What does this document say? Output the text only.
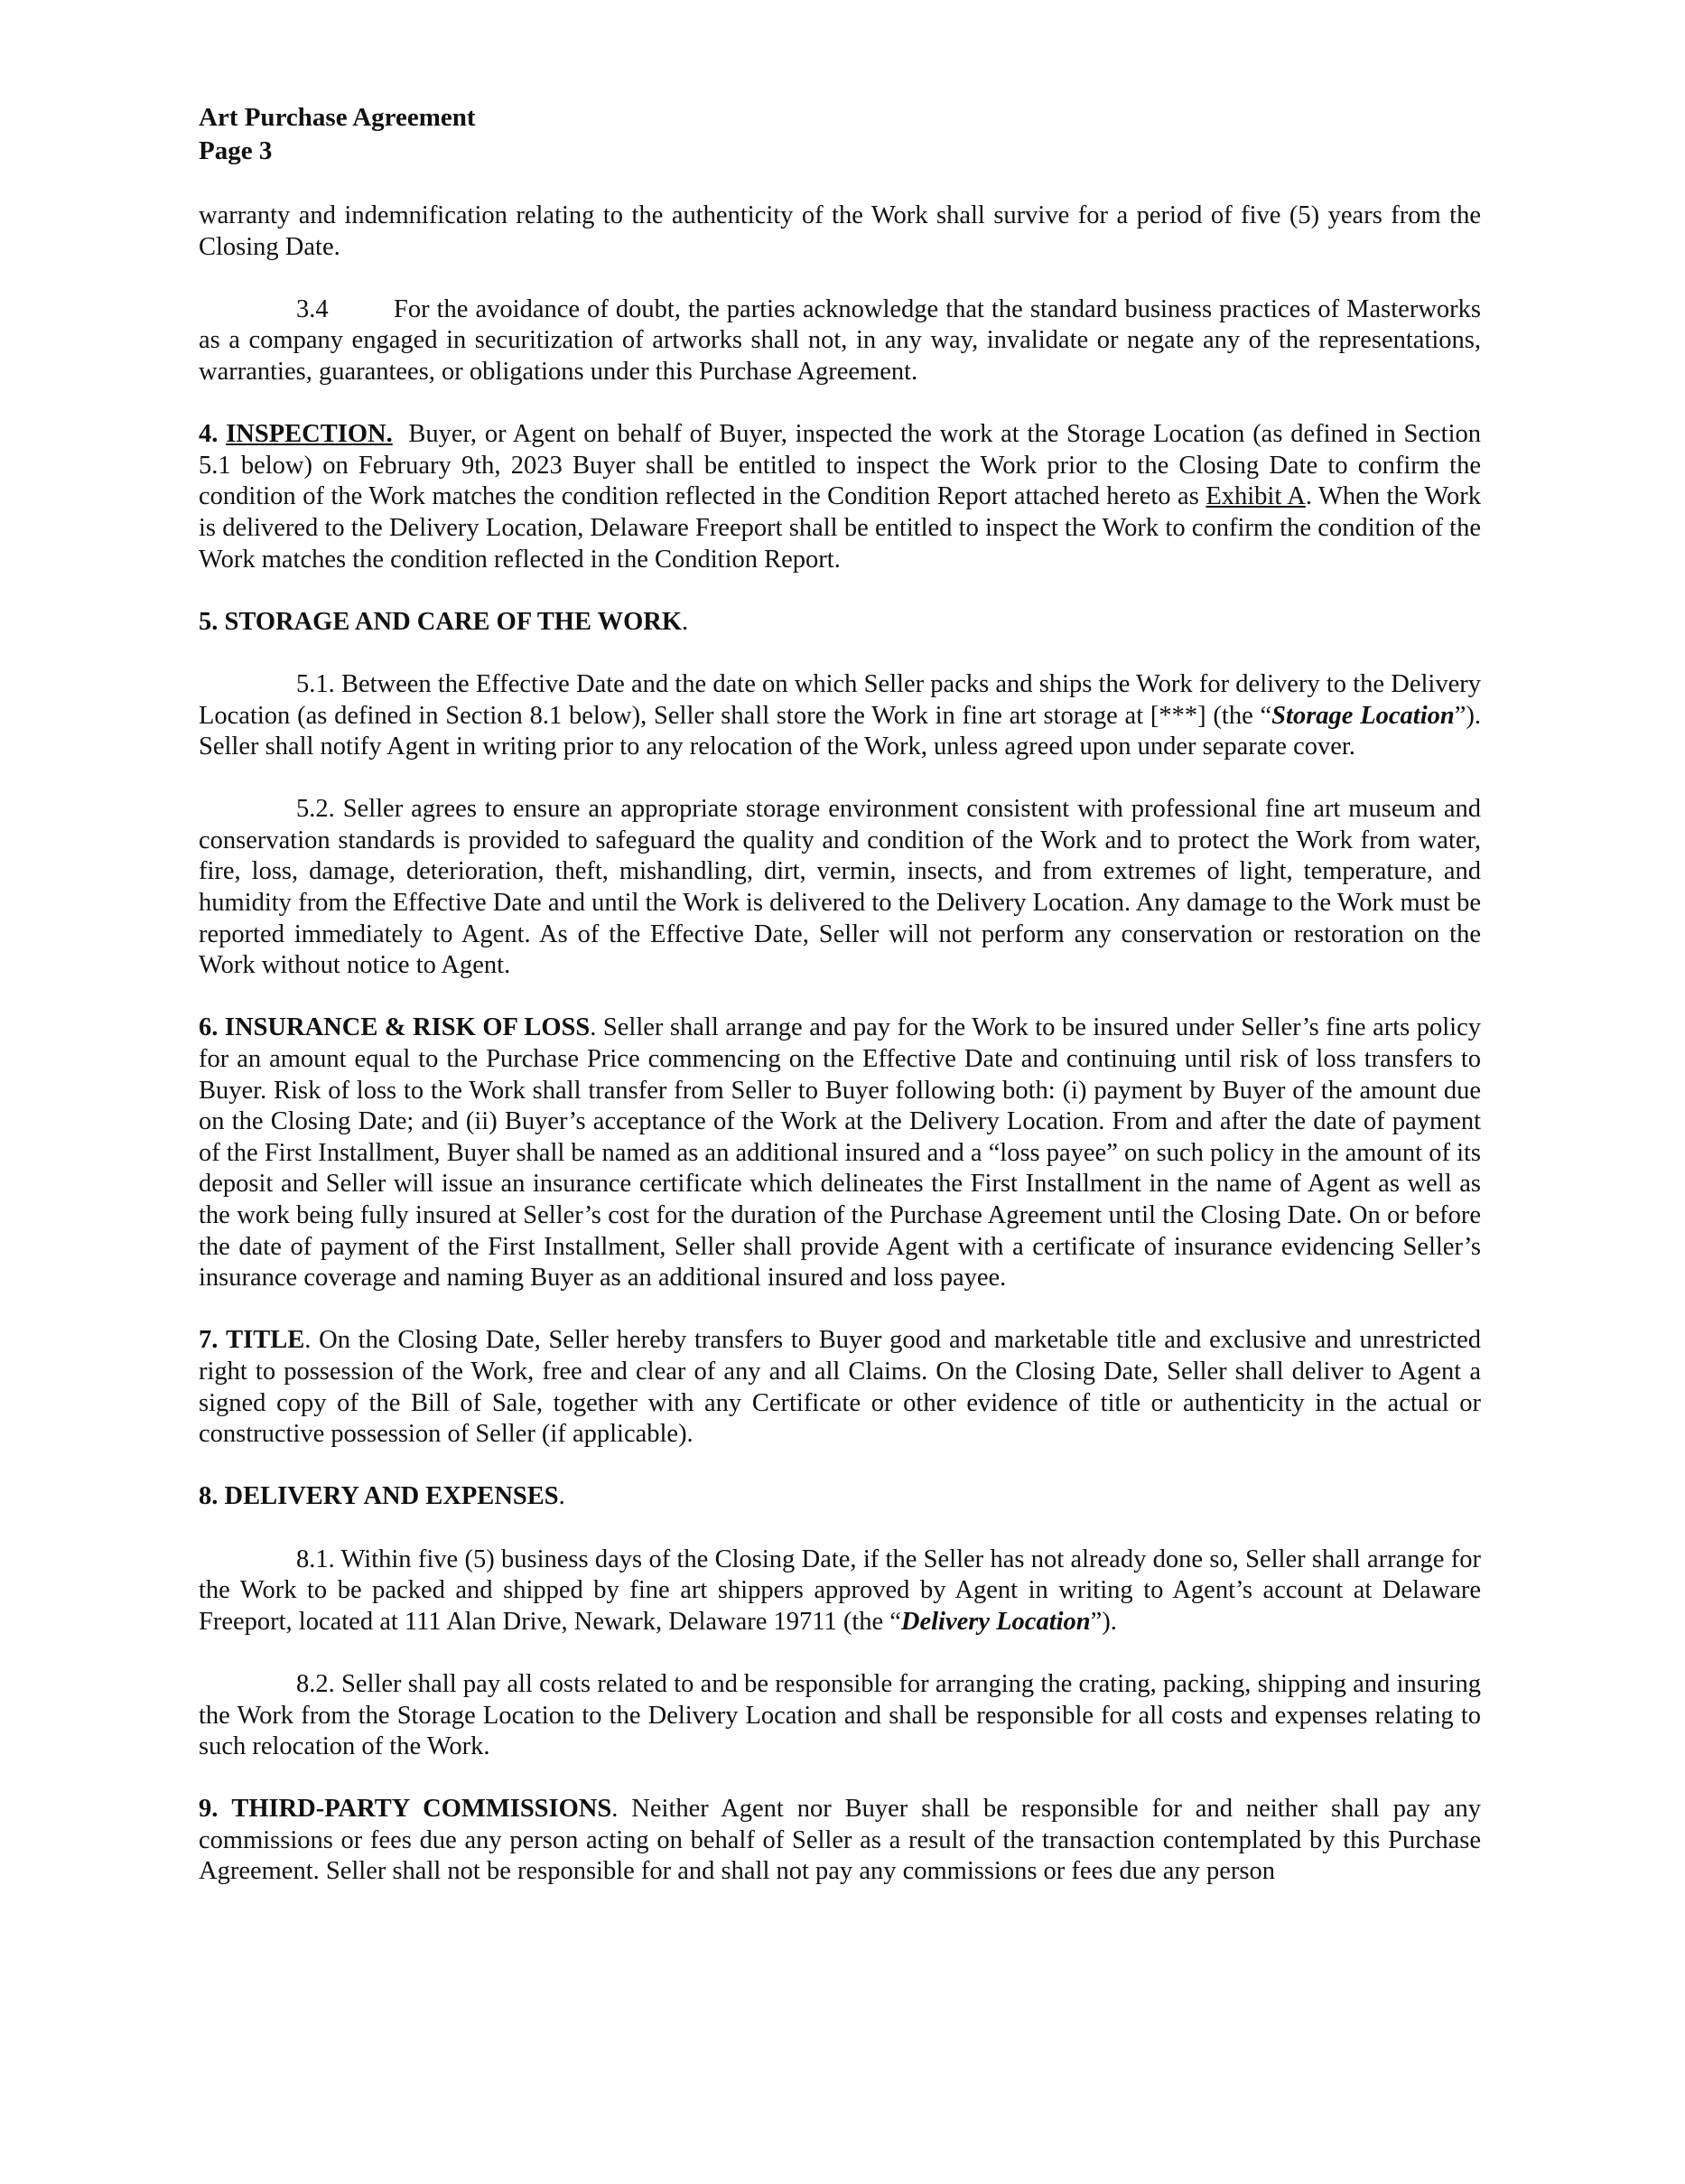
Art Purchase Agreement
Page 3

warranty and indemnification relating to the authenticity of the Work shall survive for a period of five (5) years from the Closing Date.

3.4	For the avoidance of doubt, the parties acknowledge that the standard business practices of Masterworks as a company engaged in securitization of artworks shall not, in any way, invalidate or negate any of the representations, warranties, guarantees, or obligations under this Purchase Agreement.

4. INSPECTION. Buyer, or Agent on behalf of Buyer, inspected the work at the Storage Location (as defined in Section 5.1 below) on February 9th, 2023 Buyer shall be entitled to inspect the Work prior to the Closing Date to confirm the condition of the Work matches the condition reflected in the Condition Report attached hereto as Exhibit A. When the Work is delivered to the Delivery Location, Delaware Freeport shall be entitled to inspect the Work to confirm the condition of the Work matches the condition reflected in the Condition Report.

5. STORAGE AND CARE OF THE WORK.

5.1. Between the Effective Date and the date on which Seller packs and ships the Work for delivery to the Delivery Location (as defined in Section 8.1 below), Seller shall store the Work in fine art storage at [***] (the “Storage Location”). Seller shall notify Agent in writing prior to any relocation of the Work, unless agreed upon under separate cover.

5.2. Seller agrees to ensure an appropriate storage environment consistent with professional fine art museum and conservation standards is provided to safeguard the quality and condition of the Work and to protect the Work from water, fire, loss, damage, deterioration, theft, mishandling, dirt, vermin, insects, and from extremes of light, temperature, and humidity from the Effective Date and until the Work is delivered to the Delivery Location. Any damage to the Work must be reported immediately to Agent. As of the Effective Date, Seller will not perform any conservation or restoration on the Work without notice to Agent.

6. INSURANCE & RISK OF LOSS. Seller shall arrange and pay for the Work to be insured under Seller’s fine arts policy for an amount equal to the Purchase Price commencing on the Effective Date and continuing until risk of loss transfers to Buyer. Risk of loss to the Work shall transfer from Seller to Buyer following both: (i) payment by Buyer of the amount due on the Closing Date; and (ii) Buyer’s acceptance of the Work at the Delivery Location. From and after the date of payment of the First Installment, Buyer shall be named as an additional insured and a “loss payee” on such policy in the amount of its deposit and Seller will issue an insurance certificate which delineates the First Installment in the name of Agent as well as the work being fully insured at Seller’s cost for the duration of the Purchase Agreement until the Closing Date. On or before the date of payment of the First Installment, Seller shall provide Agent with a certificate of insurance evidencing Seller’s insurance coverage and naming Buyer as an additional insured and loss payee.

7. TITLE. On the Closing Date, Seller hereby transfers to Buyer good and marketable title and exclusive and unrestricted right to possession of the Work, free and clear of any and all Claims. On the Closing Date, Seller shall deliver to Agent a signed copy of the Bill of Sale, together with any Certificate or other evidence of title or authenticity in the actual or constructive possession of Seller (if applicable).

8. DELIVERY AND EXPENSES.

8.1. Within five (5) business days of the Closing Date, if the Seller has not already done so, Seller shall arrange for the Work to be packed and shipped by fine art shippers approved by Agent in writing to Agent’s account at Delaware Freeport, located at 111 Alan Drive, Newark, Delaware 19711 (the “Delivery Location”).

8.2. Seller shall pay all costs related to and be responsible for arranging the crating, packing, shipping and insuring the Work from the Storage Location to the Delivery Location and shall be responsible for all costs and expenses relating to such relocation of the Work.

9. THIRD-PARTY COMMISSIONS. Neither Agent nor Buyer shall be responsible for and neither shall pay any commissions or fees due any person acting on behalf of Seller as a result of the transaction contemplated by this Purchase Agreement. Seller shall not be responsible for and shall not pay any commissions or fees due any person
